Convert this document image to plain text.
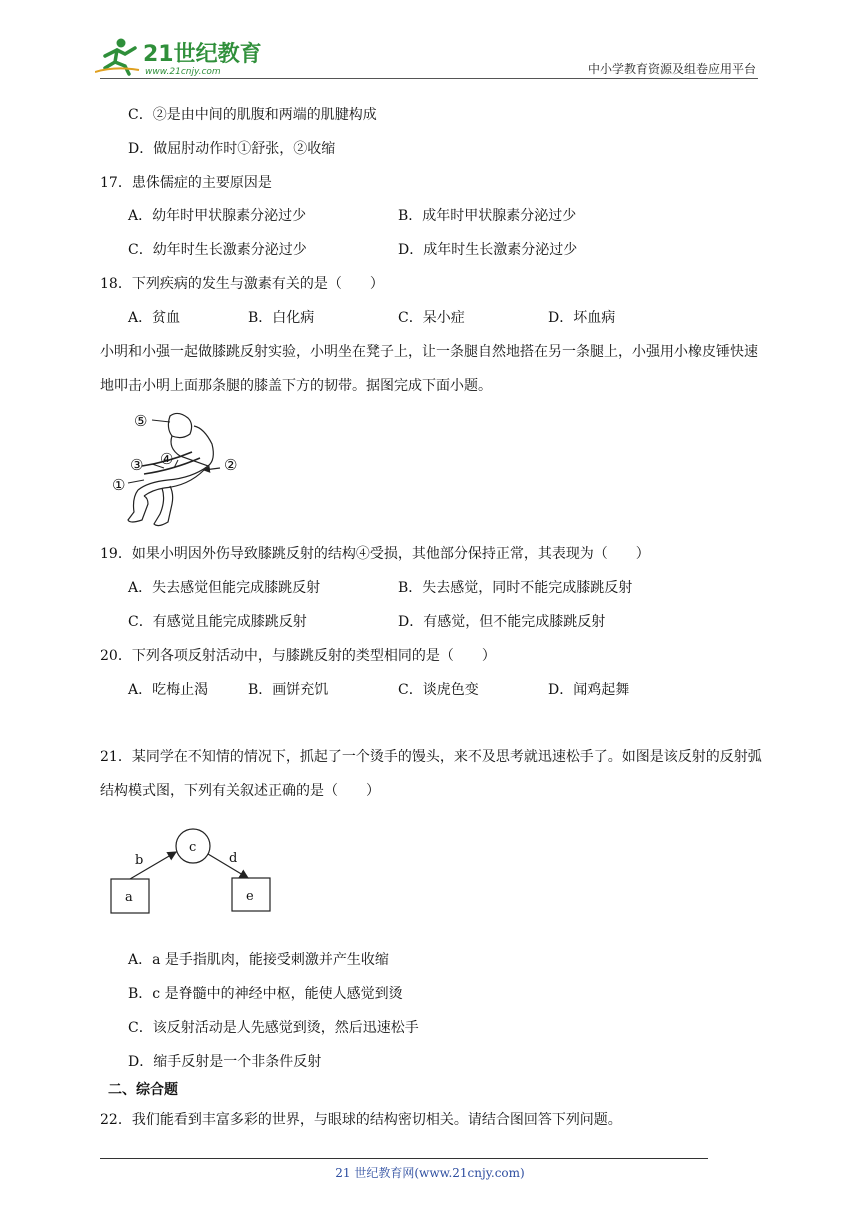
21世纪教育
www.21cnjy.com	中小学教育资源及组卷应用平台
C．②是由中间的肌腹和两端的肌腱构成
D．做屈肘动作时①舒张，②收缩
17．患侏儒症的主要原因是
A．幼年时甲状腺素分泌过少	B．成年时甲状腺素分泌过少
C．幼年时生长激素分泌过少	D．成年时生长激素分泌过少
18．下列疾病的发生与激素有关的是（　　）
A．贫血	B．白化病	C．呆小症	D．坏血病
小明和小强一起做膝跳反射实验，小明坐在凳子上，让一条腿自然地搭在另一条腿上，小强用小橡皮锤快速地叩击小明上面那条腿的膝盖下方的韧带。据图完成下面小题。
⑤
④
③
①
②
19．如果小明因外伤导致膝跳反射的结构④受损，其他部分保持正常，其表现为（　　）
A．失去感觉但能完成膝跳反射	B．失去感觉，同时不能完成膝跳反射
C．有感觉且能完成膝跳反射	D．有感觉，但不能完成膝跳反射
20．下列各项反射活动中，与膝跳反射的类型相同的是（　　）
A．吃梅止渴	B．画饼充饥	C．谈虎色变	D．闻鸡起舞
21．某同学在不知情的情况下，抓起了一个烫手的馒头，来不及思考就迅速松手了。如图是该反射的反射弧结构模式图，下列有关叙述正确的是（　　）
a
b
c
d
e
A．a 是手指肌肉，能接受刺激并产生收缩
B．c 是脊髓中的神经中枢，能使人感觉到烫
C．该反射活动是人先感觉到烫，然后迅速松手
D．缩手反射是一个非条件反射
二、综合题
22．我们能看到丰富多彩的世界，与眼球的结构密切相关。请结合图回答下列问题。
21 世纪教育网(www.21cnjy.com)
